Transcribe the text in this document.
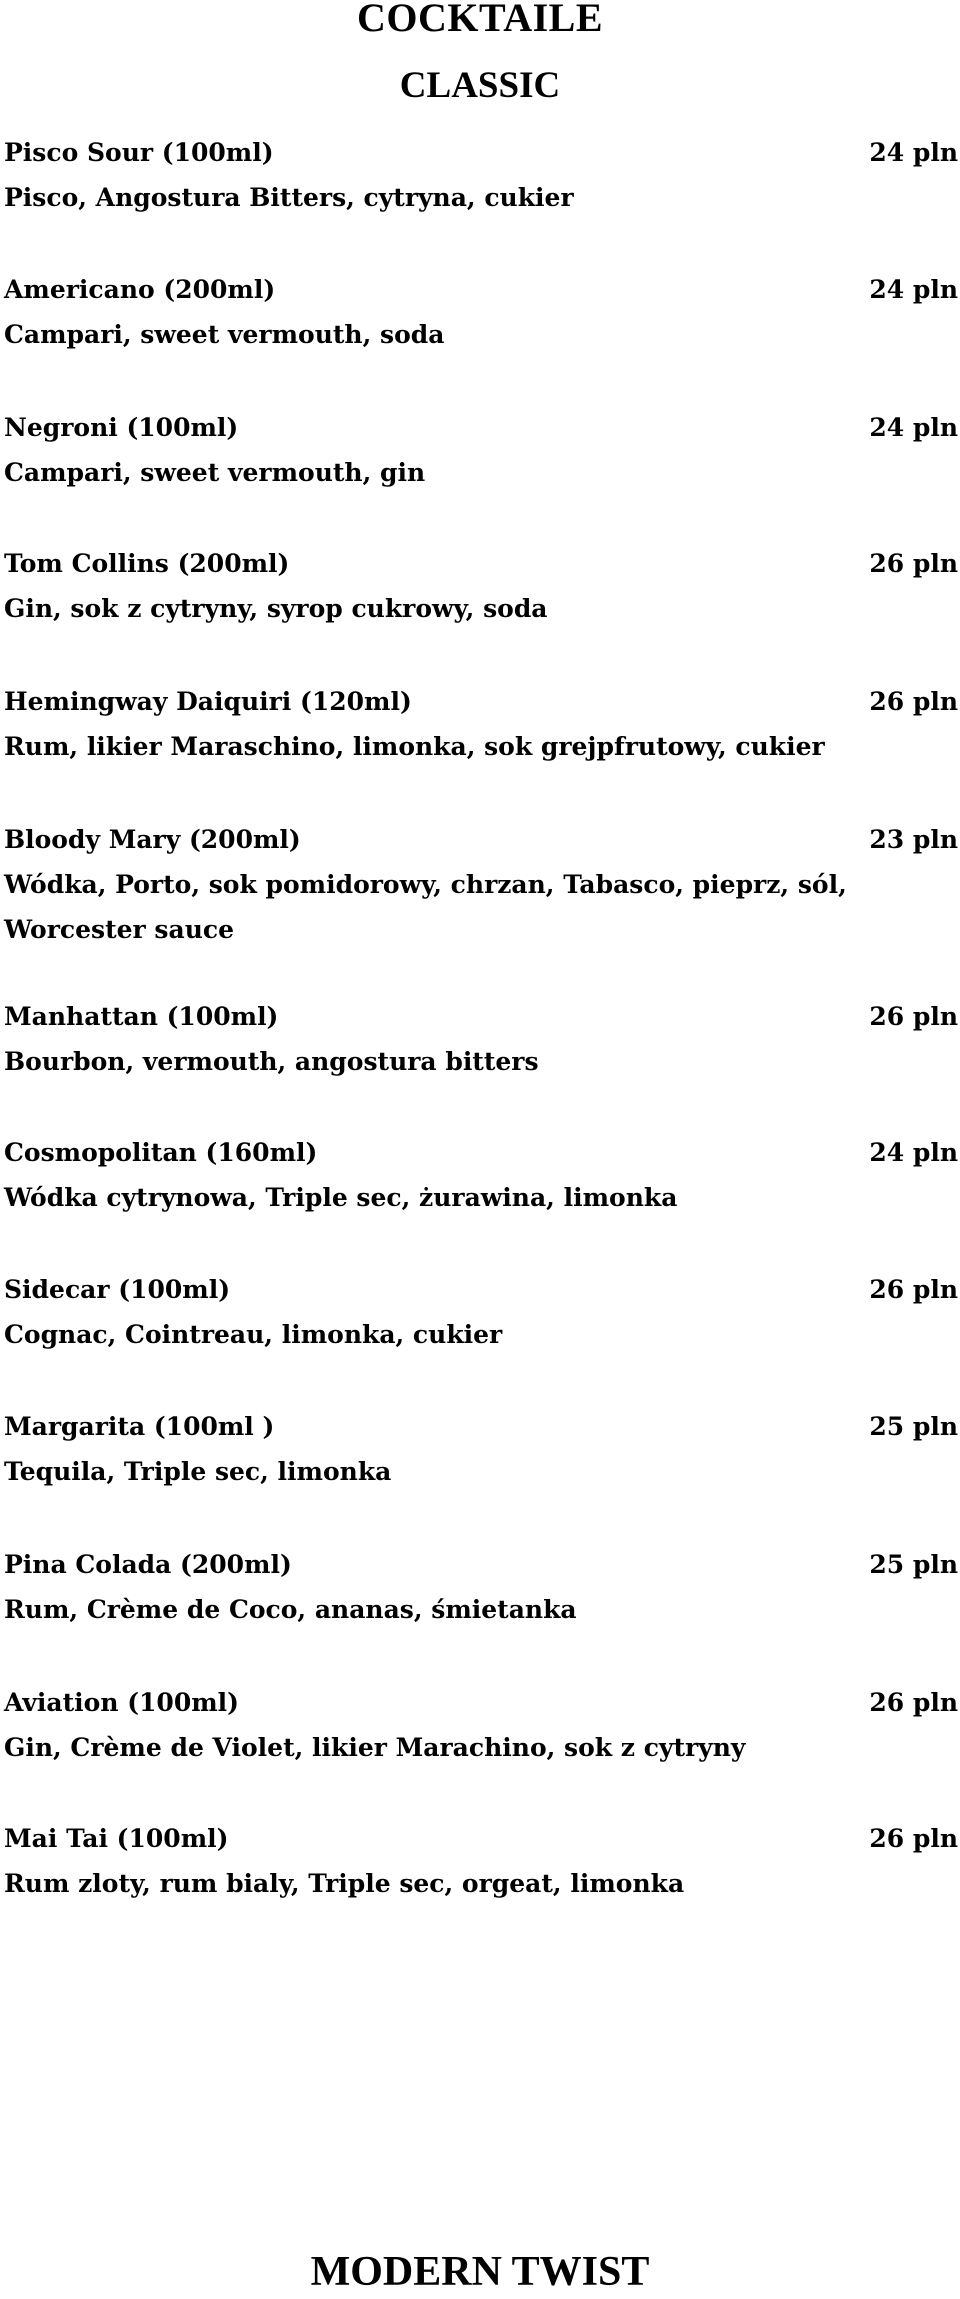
COCKTAILE
CLASSIC
Pisco Sour (100ml)
Pisco, Angostura Bitters, cytryna, cukier
24 pln
Americano (200ml)
Campari, sweet vermouth, soda
24 pln
Negroni (100ml)
Campari, sweet vermouth, gin
24 pln
Tom Collins (200ml)
Gin, sok z cytryny, syrop cukrowy, soda
26 pln
Hemingway Daiquiri (120ml)
Rum, likier Maraschino, limonka, sok grejpfrutowy, cukier
26 pln
Bloody Mary (200ml)
Wódka, Porto, sok pomidorowy, chrzan, Tabasco, pieprz, sól, Worcester sauce
23 pln
Manhattan (100ml)
Bourbon, vermouth, angostura bitters
26 pln
Cosmopolitan (160ml)
Wódka cytrynowa, Triple sec, żurawina, limonka
24 pln
Sidecar (100ml)
Cognac, Cointreau, limonka, cukier
26 pln
Margarita (100ml )
Tequila, Triple sec, limonka
25 pln
Pina Colada (200ml)
Rum, Crème de Coco, ananas, śmietanka
25 pln
Aviation (100ml)
Gin, Crème de Violet, likier Marachino, sok z cytryny
26 pln
Mai Tai (100ml)
Rum zloty, rum bialy, Triple sec, orgeat, limonka
26 pln
MODERN TWIST
